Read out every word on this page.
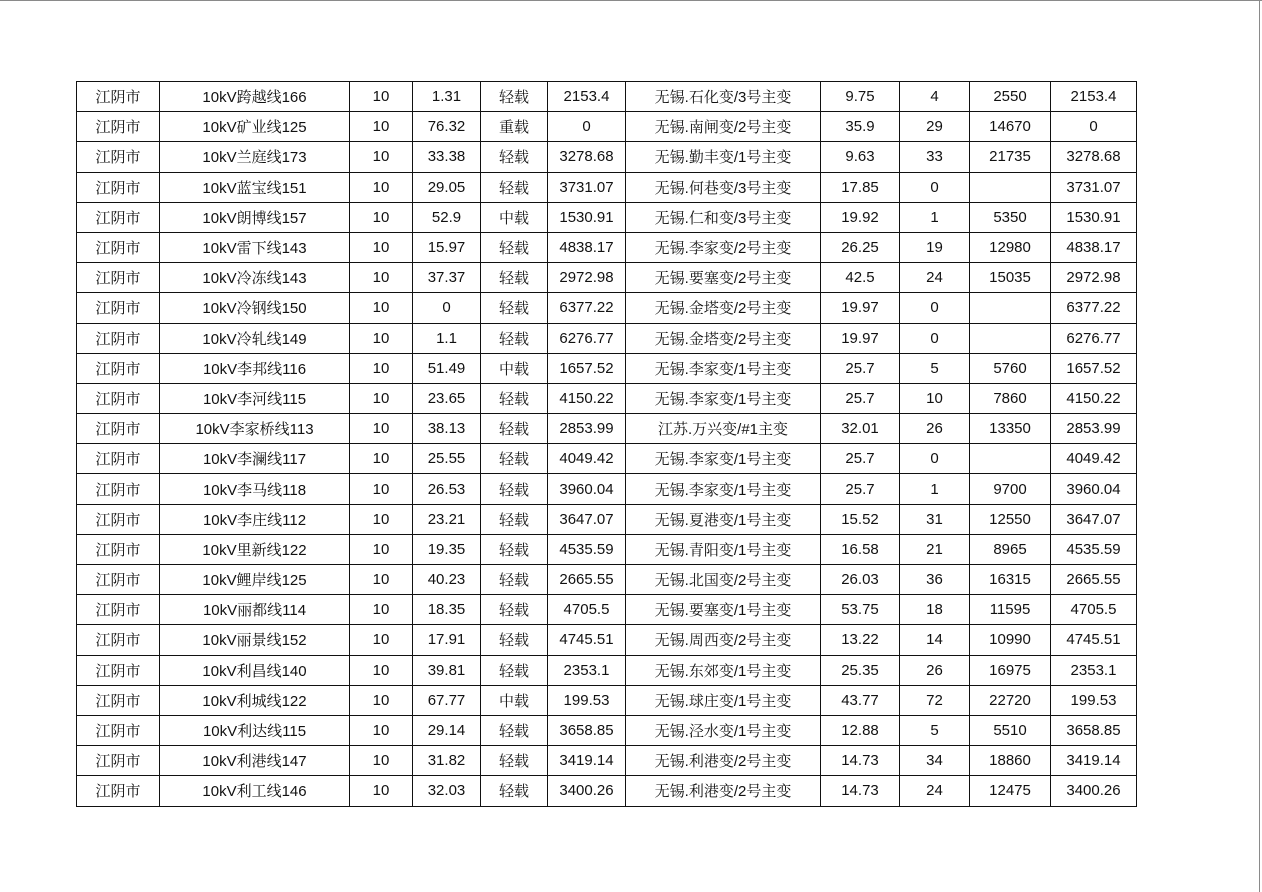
江阴市	10kV跨越线166	10	1.31	轻载	2153.4	无锡.石化变/3号主变	9.75	4	2550	2153.4
江阴市	10kV矿业线125	10	76.32	重载	0	无锡.南闸变/2号主变	35.9	29	14670	0
江阴市	10kV兰庭线173	10	33.38	轻载	3278.68	无锡.勤丰变/1号主变	9.63	33	21735	3278.68
江阴市	10kV蓝宝线151	10	29.05	轻载	3731.07	无锡.何巷变/3号主变	17.85	0		3731.07
江阴市	10kV朗博线157	10	52.9	中载	1530.91	无锡.仁和变/3号主变	19.92	1	5350	1530.91
江阴市	10kV雷下线143	10	15.97	轻载	4838.17	无锡.李家变/2号主变	26.25	19	12980	4838.17
江阴市	10kV冷冻线143	10	37.37	轻载	2972.98	无锡.要塞变/2号主变	42.5	24	15035	2972.98
江阴市	10kV冷钢线150	10	0	轻载	6377.22	无锡.金塔变/2号主变	19.97	0		6377.22
江阴市	10kV冷轧线149	10	1.1	轻载	6276.77	无锡.金塔变/2号主变	19.97	0		6276.77
江阴市	10kV李邦线116	10	51.49	中载	1657.52	无锡.李家变/1号主变	25.7	5	5760	1657.52
江阴市	10kV李河线115	10	23.65	轻载	4150.22	无锡.李家变/1号主变	25.7	10	7860	4150.22
江阴市	10kV李家桥线113	10	38.13	轻载	2853.99	江苏.万兴变/#1主变	32.01	26	13350	2853.99
江阴市	10kV李澜线117	10	25.55	轻载	4049.42	无锡.李家变/1号主变	25.7	0		4049.42
江阴市	10kV李马线118	10	26.53	轻载	3960.04	无锡.李家变/1号主变	25.7	1	9700	3960.04
江阴市	10kV李庄线112	10	23.21	轻载	3647.07	无锡.夏港变/1号主变	15.52	31	12550	3647.07
江阴市	10kV里新线122	10	19.35	轻载	4535.59	无锡.青阳变/1号主变	16.58	21	8965	4535.59
江阴市	10kV鲤岸线125	10	40.23	轻载	2665.55	无锡.北国变/2号主变	26.03	36	16315	2665.55
江阴市	10kV丽都线114	10	18.35	轻载	4705.5	无锡.要塞变/1号主变	53.75	18	11595	4705.5
江阴市	10kV丽景线152	10	17.91	轻载	4745.51	无锡.周西变/2号主变	13.22	14	10990	4745.51
江阴市	10kV利昌线140	10	39.81	轻载	2353.1	无锡.东郊变/1号主变	25.35	26	16975	2353.1
江阴市	10kV利城线122	10	67.77	中载	199.53	无锡.球庄变/1号主变	43.77	72	22720	199.53
江阴市	10kV利达线115	10	29.14	轻载	3658.85	无锡.泾水变/1号主变	12.88	5	5510	3658.85
江阴市	10kV利港线147	10	31.82	轻载	3419.14	无锡.利港变/2号主变	14.73	34	18860	3419.14
江阴市	10kV利工线146	10	32.03	轻载	3400.26	无锡.利港变/2号主变	14.73	24	12475	3400.26
